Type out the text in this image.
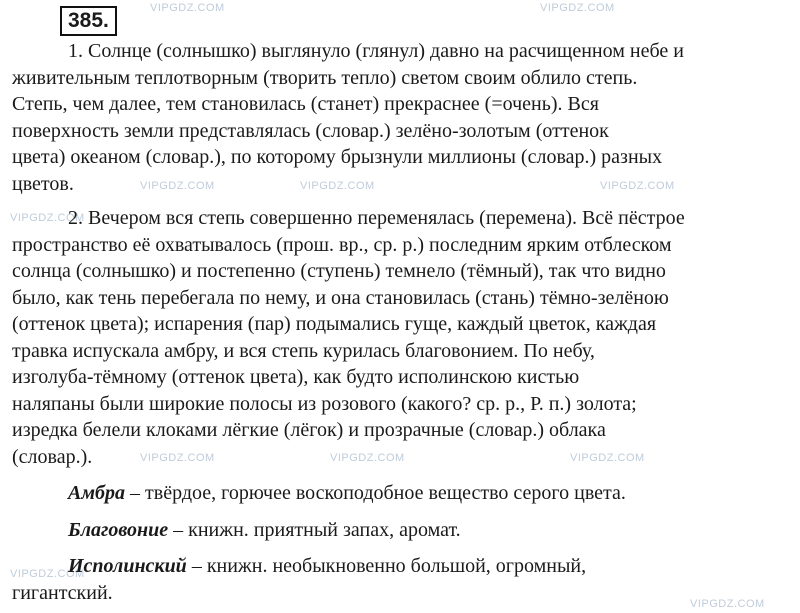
VIPGDZ.COM	VIPGDZ.COM
VIPGDZ.COM	VIPGDZ.COM	VIPGDZ.COM
VIPGDZ.COM
VIPGDZ.COM	VIPGDZ.COM	VIPGDZ.COM
VIPGDZ.COM
VIPGDZ.COM
385.
1. Солнце (солнышко) выглянуло (глянул) давно на расчищенном небе и
живительным теплотворным (творить тепло) светом своим облило степь.
Степь, чем далее, тем становилась (станет) прекраснее (=очень). Вся
поверхность земли представлялась (словар.) зелёно-золотым (оттенок
цвета) океаном (словар.), по которому брызнули миллионы (словар.) разных
цветов.
2. Вечером вся степь совершенно переменялась (перемена). Всё пёстрое
пространство её охватывалось (прош. вр., ср. р.) последним ярким отблеском
солнца (солнышко) и постепенно (ступень) темнело (тёмный), так что видно
было, как тень перебегала по нему, и она становилась (стань) тёмно-зелёною
(оттенок цвета); испарения (пар) подымались гуще, каждый цветок, каждая
травка испускала амбру, и вся степь курилась благовонием. По небу,
изголуба-тёмному (оттенок цвета), как будто исполинскою кистью
наляпаны были широкие полосы из розового (какого? ср. р., Р. п.) золота;
изредка белели клоками лёгкие (лёгок) и прозрачные (словар.) облака
(словар.).
Амбра – твёрдое, горючее воскоподобное вещество серого цвета.
Благовоние – книжн. приятный запах, аромат.
Исполинский – книжн. необыкновенно большой, огромный,
гигантский.
